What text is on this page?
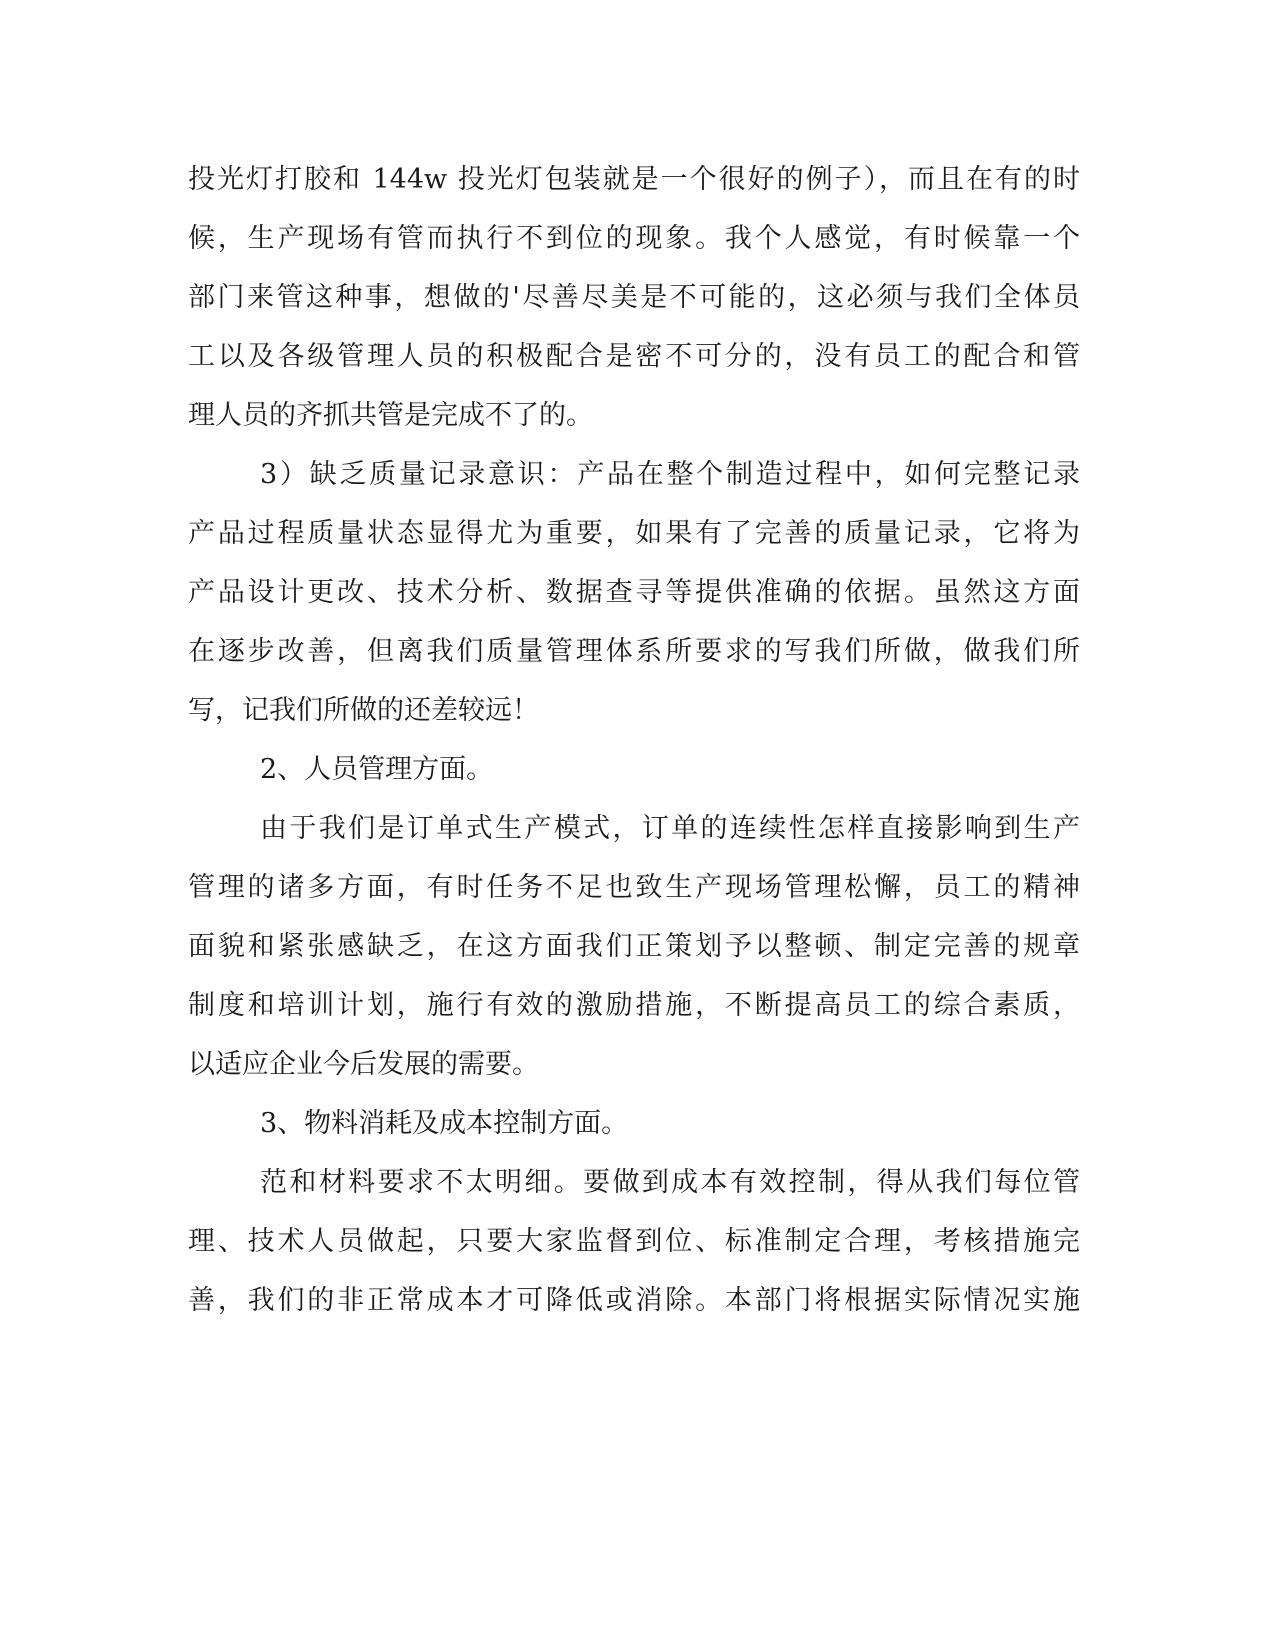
投光灯打胶和 144w 投光灯包装就是一个很好的例子），而且在有的时
候，生产现场有管而执行不到位的现象。我个人感觉，有时候靠一个
部门来管这种事，想做的'尽善尽美是不可能的，这必须与我们全体员
工以及各级管理人员的积极配合是密不可分的，没有员工的配合和管
理人员的齐抓共管是完成不了的。
3）缺乏质量记录意识：产品在整个制造过程中，如何完整记录
产品过程质量状态显得尤为重要，如果有了完善的质量记录，它将为
产品设计更改、技术分析、数据查寻等提供准确的依据。虽然这方面
在逐步改善，但离我们质量管理体系所要求的写我们所做，做我们所
写，记我们所做的还差较远！
2、人员管理方面。
由于我们是订单式生产模式，订单的连续性怎样直接影响到生产
管理的诸多方面，有时任务不足也致生产现场管理松懈，员工的精神
面貌和紧张感缺乏，在这方面我们正策划予以整顿、制定完善的规章
制度和培训计划，施行有效的激励措施，不断提高员工的综合素质，
以适应企业今后发展的需要。
3、物料消耗及成本控制方面。
范和材料要求不太明细。要做到成本有效控制，得从我们每位管
理、技术人员做起，只要大家监督到位、标准制定合理，考核措施完
善，我们的非正常成本才可降低或消除。本部门将根据实际情况实施
